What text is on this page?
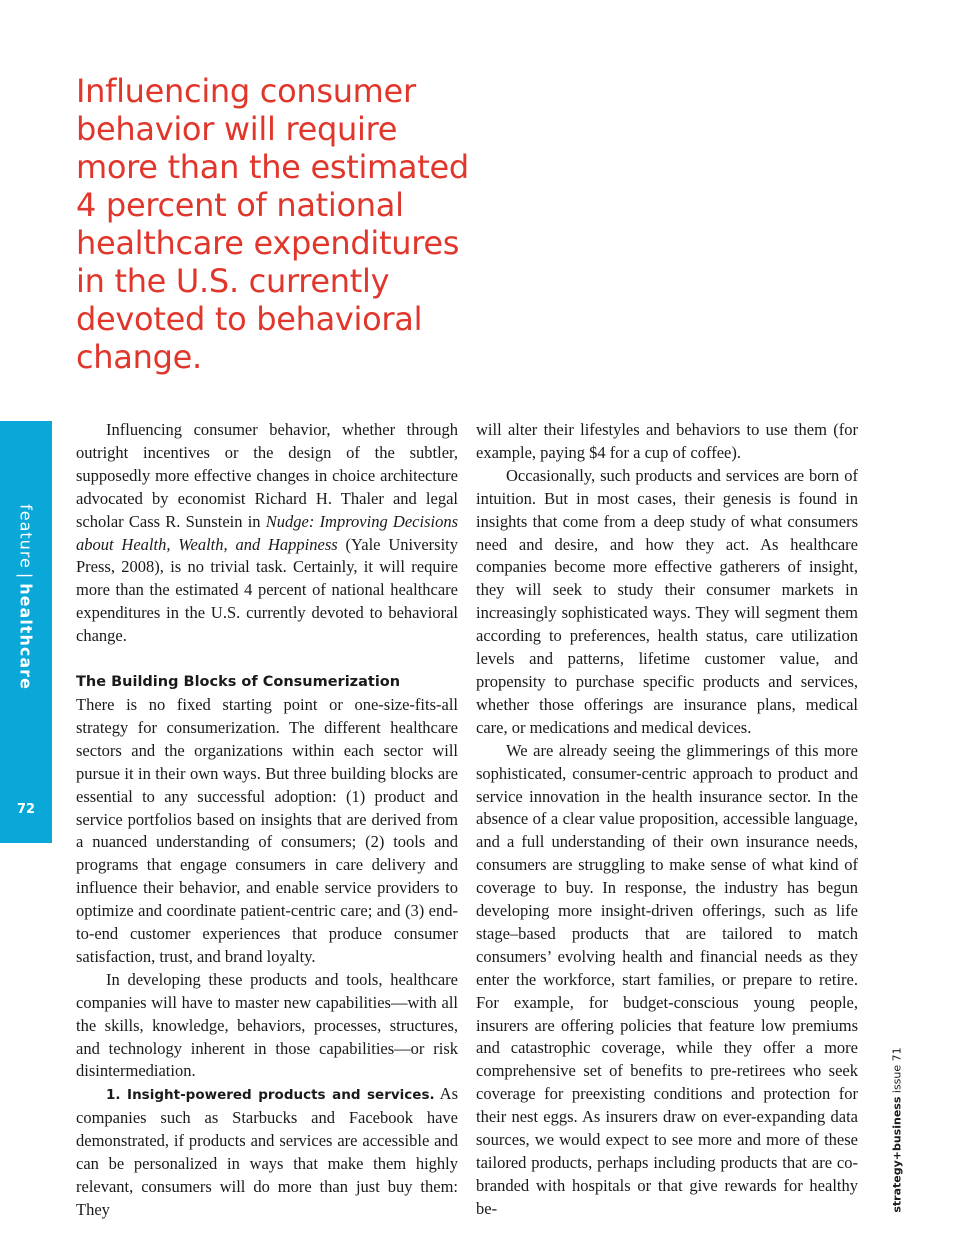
Influencing consumer behavior will require more than the estimated 4 percent of national healthcare expenditures in the U.S. currently devoted to behavioral change.
feature|healthcare
72

Influencing consumer behavior, whether through outright incentives or the design of the subtler, supposedly more effective changes in choice architecture advocated by economist Richard H. Thaler and legal scholar Cass R. Sunstein in Nudge: Improving Decisions about Health, Wealth, and Happiness (Yale University Press, 2008), is no trivial task. Certainly, it will require more than the estimated 4 percent of national healthcare expenditures in the U.S. currently devoted to behavioral change.

The Building Blocks of Consumerization

There is no fixed starting point or one-size-fits-all strategy for consumerization. The different healthcare sectors and the organizations within each sector will pursue it in their own ways. But three building blocks are essential to any successful adoption: (1) product and service portfolios based on insights that are derived from a nuanced understanding of consumers; (2) tools and programs that engage consumers in care delivery and influence their behavior, and enable service providers to optimize and coordinate patient-centric care; and (3) end-to-end customer experiences that produce consumer satisfaction, trust, and brand loyalty.

In developing these products and tools, healthcare companies will have to master new capabilities—with all the skills, knowledge, behaviors, processes, structures, and technology inherent in those capabilities—or risk disintermediation.

1. Insight-powered products and services. As companies such as Starbucks and Facebook have demonstrated, if products and services are accessible and can be personalized in ways that make them highly relevant, consumers will do more than just buy them: They

will alter their lifestyles and behaviors to use them (for example, paying $4 for a cup of coffee).

Occasionally, such products and services are born of intuition. But in most cases, their genesis is found in insights that come from a deep study of what consumers need and desire, and how they act. As healthcare companies become more effective gatherers of insight, they will seek to study their consumer markets in increasingly sophisticated ways. They will segment them according to preferences, health status, care utilization levels and patterns, lifetime customer value, and propensity to purchase specific products and services, whether those offerings are insurance plans, medical care, or medications and medical devices.

We are already seeing the glimmerings of this more sophisticated, consumer-centric approach to product and service innovation in the health insurance sector. In the absence of a clear value proposition, accessible language, and a full understanding of their own insurance needs, consumers are struggling to make sense of what kind of coverage to buy. In response, the industry has begun developing more insight-driven offerings, such as life stage–based products that are tailored to match consumers’ evolving health and financial needs as they enter the workforce, start families, or prepare to retire. For example, for budget-conscious young people, insurers are offering policies that feature low premiums and catastrophic coverage, while they offer a more comprehensive set of benefits to pre-retirees who seek coverage for preexisting conditions and protection for their nest eggs. As insurers draw on ever-expanding data sources, we would expect to see more and more of these tailored products, perhaps including products that are co-branded with hospitals or that give rewards for healthy be-	strategy+business issue 71
